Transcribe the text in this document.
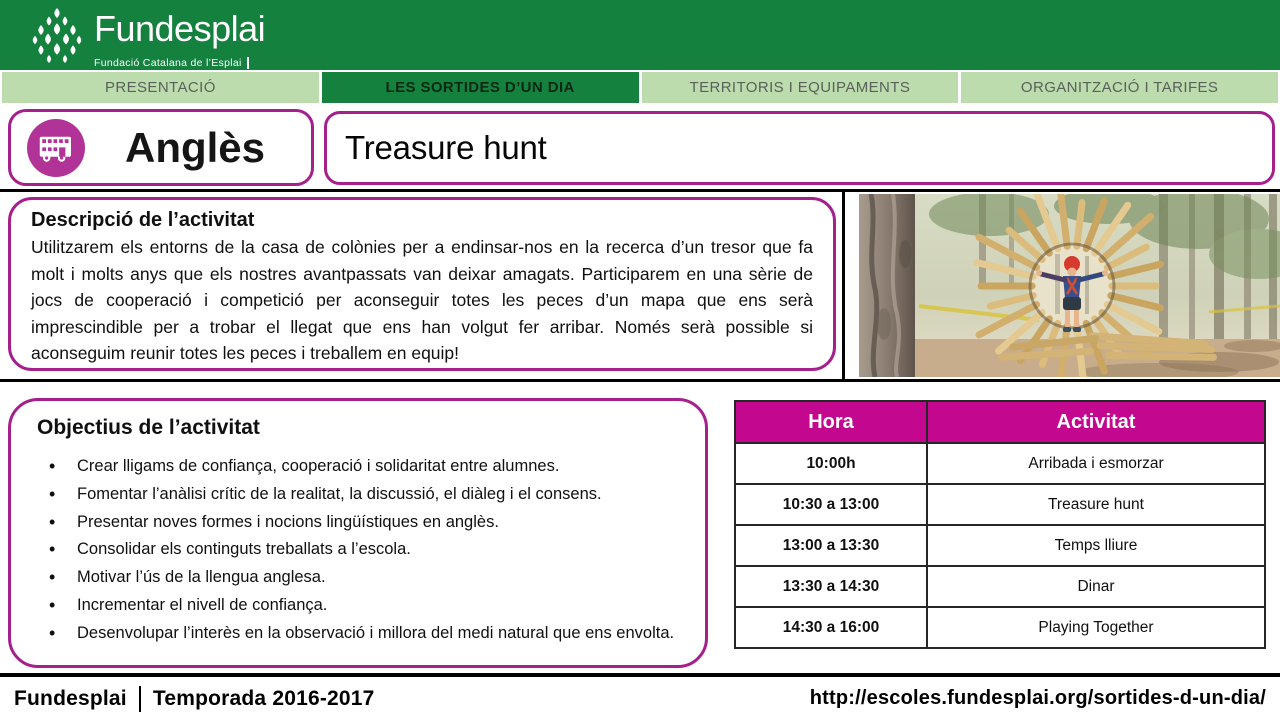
Fundesplai
Fundació Catalana de l’Esplai
PRESENTACIÓ	LES SORTIDES D’UN DIA	TERRITORIS I EQUIPAMENTS	ORGANITZACIÓ I TARIFES
Anglès	Treasure hunt
Descripció de l’activitat
Utilitzarem els entorns de la casa de colònies per a endinsar-nos en la recerca d’un tresor que fa molt i molts anys que els nostres avantpassats van deixar amagats. Participarem en una sèrie de jocs de cooperació i competició per aconseguir totes les peces d’un mapa que ens serà imprescindible per a trobar el llegat que ens han volgut fer arribar. Només serà possible si aconseguim reunir totes les peces i treballem en equip!
Objectius de l’activitat
• Crear lligams de confiança, cooperació i solidaritat entre alumnes.
• Fomentar l’anàlisi crític de la realitat, la discussió, el diàleg i el consens.
• Presentar noves formes i nocions lingüístiques en anglès.
• Consolidar els continguts treballats a l’escola.
• Motivar l’ús de la llengua anglesa.
• Incrementar el nivell de confiança.
• Desenvolupar l’interès en la observació i millora del medi natural que ens envolta.
Hora	Activitat
10:00h	Arribada i esmorzar
10:30 a 13:00	Treasure hunt
13:00 a 13:30	Temps lliure
13:30 a 14:30	Dinar
14:30 a 16:00	Playing Together
Fundesplai Temporada 2016-2017	http://escoles.fundesplai.org/sortides-d-un-dia/
